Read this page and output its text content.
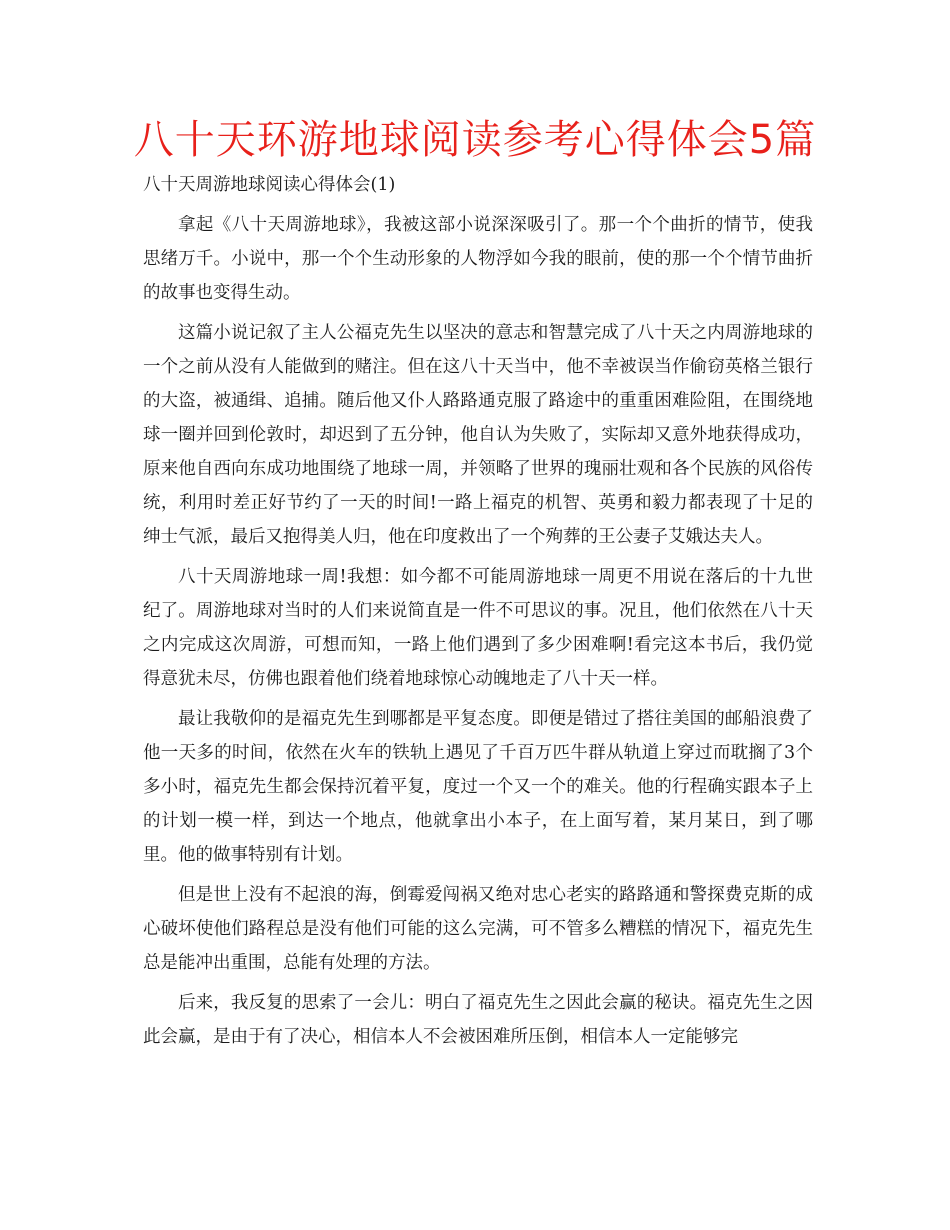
八十天环游地球阅读参考心得体会5篇

八十天周游地球阅读心得体会(1)

拿起《八十天周游地球》，我被这部小说深深吸引了。那一个个曲折的情节，使我思绪万千。小说中，那一个个生动形象的人物浮如今我的眼前，使的那一个个情节曲折的故事也变得生动。

这篇小说记叙了主人公福克先生以坚决的意志和智慧完成了八十天之内周游地球的一个之前从没有人能做到的赌注。但在这八十天当中，他不幸被误当作偷窃英格兰银行的大盗，被通缉、追捕。随后他又仆人路路通克服了路途中的重重困难险阻，在围绕地球一圈并回到伦敦时，却迟到了五分钟，他自认为失败了，实际却又意外地获得成功，原来他自西向东成功地围绕了地球一周，并领略了世界的瑰丽壮观和各个民族的风俗传统，利用时差正好节约了一天的时间!一路上福克的机智、英勇和毅力都表现了十足的绅士气派，最后又抱得美人归，他在印度救出了一个殉葬的王公妻子艾娥达夫人。

八十天周游地球一周!我想：如今都不可能周游地球一周更不用说在落后的十九世纪了。周游地球对当时的人们来说简直是一件不可思议的事。况且，他们依然在八十天之内完成这次周游，可想而知，一路上他们遇到了多少困难啊!看完这本书后，我仍觉得意犹未尽，仿佛也跟着他们绕着地球惊心动魄地走了八十天一样。

最让我敬仰的是福克先生到哪都是平复态度。即便是错过了搭往美国的邮船浪费了他一天多的时间，依然在火车的铁轨上遇见了千百万匹牛群从轨道上穿过而耽搁了3个多小时，福克先生都会保持沉着平复，度过一个又一个的难关。他的行程确实跟本子上的计划一模一样，到达一个地点，他就拿出小本子，在上面写着，某月某日，到了哪里。他的做事特别有计划。

但是世上没有不起浪的海，倒霉爱闯祸又绝对忠心老实的路路通和警探费克斯的成心破坏使他们路程总是没有他们可能的这么完满，可不管多么糟糕的情况下，福克先生总是能冲出重围，总能有处理的方法。

后来，我反复的思索了一会儿：明白了福克先生之因此会赢的秘诀。福克先生之因此会赢，是由于有了决心，相信本人不会被困难所压倒，相信本人一定能够完
